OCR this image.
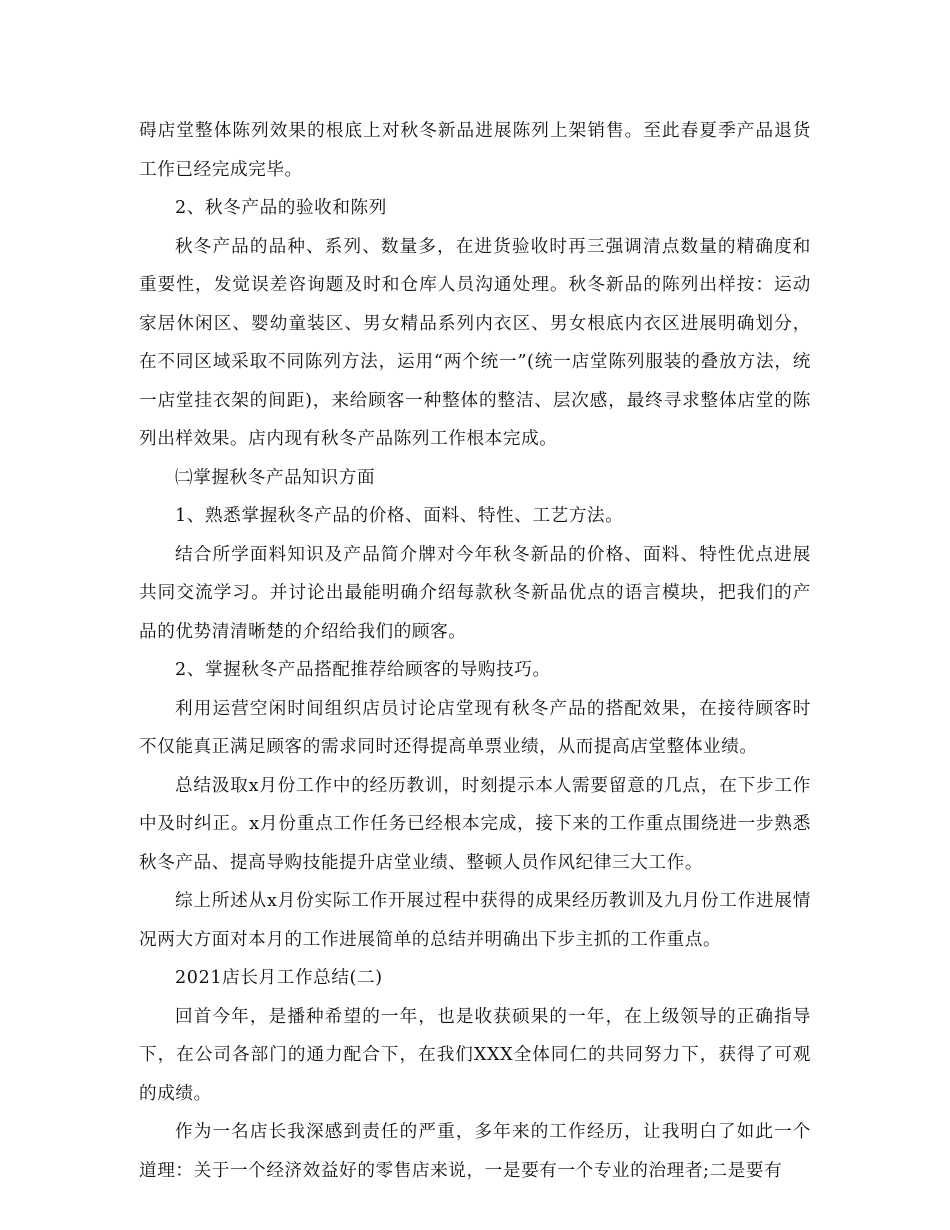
碍店堂整体陈列效果的根底上对秋冬新品进展陈列上架销售。至此春夏季产品退货工作已经完成完毕。

2、秋冬产品的验收和陈列

秋冬产品的品种、系列、数量多，在进货验收时再三强调清点数量的精确度和重要性，发觉误差咨询题及时和仓库人员沟通处理。秋冬新品的陈列出样按：运动家居休闲区、婴幼童装区、男女精品系列内衣区、男女根底内衣区进展明确划分，在不同区域采取不同陈列方法，运用“两个统一”(统一店堂陈列服装的叠放方法，统一店堂挂衣架的间距)，来给顾客一种整体的整洁、层次感，最终寻求整体店堂的陈列出样效果。店内现有秋冬产品陈列工作根本完成。

㈡掌握秋冬产品知识方面

1、熟悉掌握秋冬产品的价格、面料、特性、工艺方法。

结合所学面料知识及产品简介牌对今年秋冬新品的价格、面料、特性优点进展共同交流学习。并讨论出最能明确介绍每款秋冬新品优点的语言模块，把我们的产品的优势清清晰楚的介绍给我们的顾客。

2、掌握秋冬产品搭配推荐给顾客的导购技巧。

利用运营空闲时间组织店员讨论店堂现有秋冬产品的搭配效果，在接待顾客时不仅能真正满足顾客的需求同时还得提高单票业绩，从而提高店堂整体业绩。

总结汲取x月份工作中的经历教训，时刻提示本人需要留意的几点，在下步工作中及时纠正。x月份重点工作任务已经根本完成，接下来的工作重点围绕进一步熟悉秋冬产品、提高导购技能提升店堂业绩、整顿人员作风纪律三大工作。

综上所述从x月份实际工作开展过程中获得的成果经历教训及九月份工作进展情况两大方面对本月的工作进展简单的总结并明确出下步主抓的工作重点。

2021店长月工作总结(二)

回首今年，是播种希望的一年，也是收获硕果的一年，在上级领导的正确指导下，在公司各部门的通力配合下，在我们XXX全体同仁的共同努力下，获得了可观的成绩。

作为一名店长我深感到责任的严重，多年来的工作经历，让我明白了如此一个道理：关于一个经济效益好的零售店来说，一是要有一个专业的治理者;二是要有
